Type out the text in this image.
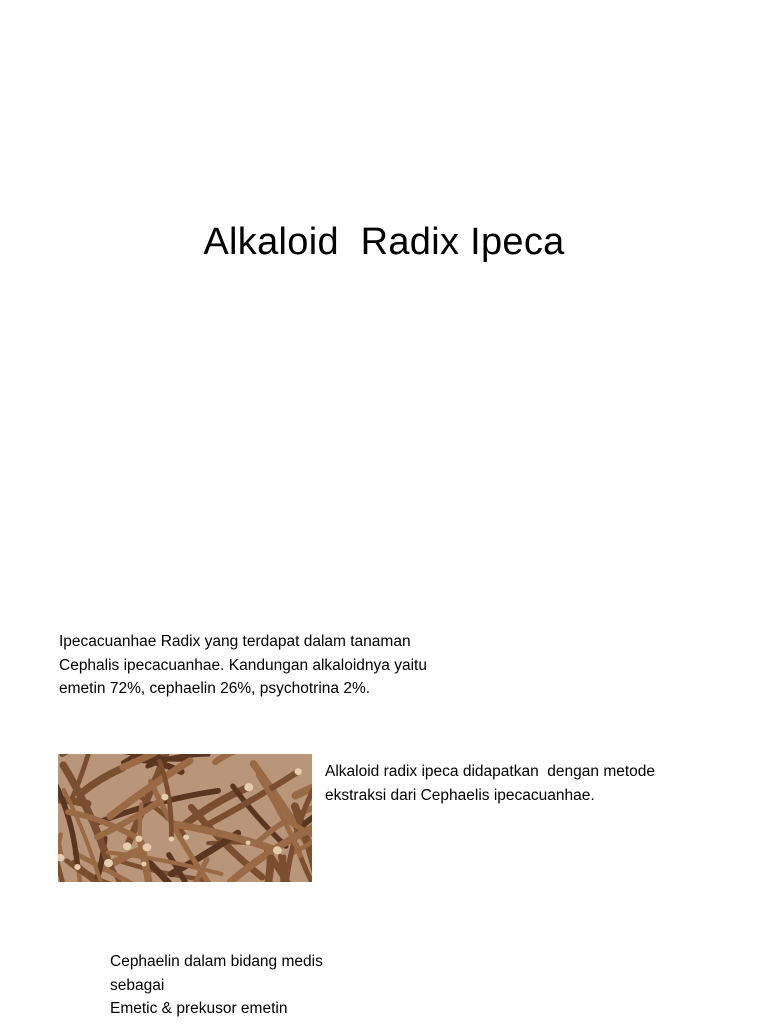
Alkaloid  Radix Ipeca
Ipecacuanhae Radix yang terdapat dalam tanaman
Cephalis ipecacuanhae. Kandungan alkaloidnya yaitu
emetin 72%, cephaelin 26%, psychotrina 2%.
Alkaloid radix ipeca didapatkan  dengan metode
ekstraksi dari Cephaelis ipecacuanhae.
Cephaelin dalam bidang medis
sebagai
Emetic & prekusor emetin
